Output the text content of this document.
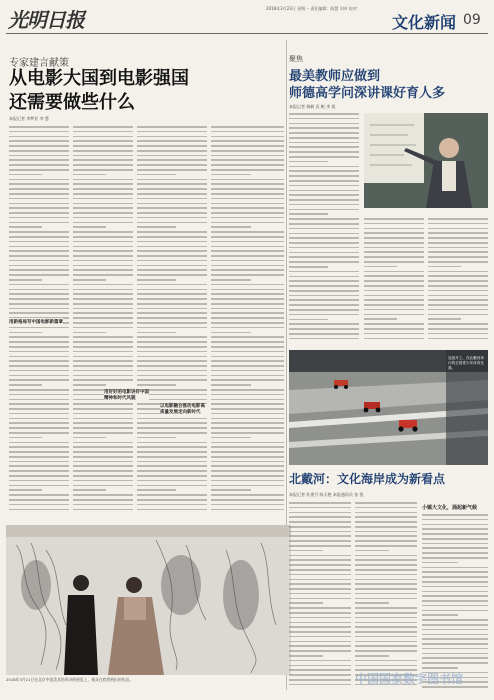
光明日报	2018年3月23日 星期一 责任编辑：陈慧 刘卓 校对：
文化新闻 09
专家建言献策
从电影大国到电影强国
还需要做些什么
本报记者 李梦亚 李 慧
用新格局写中国电影新篇章
用好好的电影讲好中国精神和时代风貌
以电影融合推动电影高质量发展走向新时代
2018年3月21日在北京中国美术馆举办的展览上，观众在欣赏展出的作品。
聚焦
最美教师应做到
师德高学问深讲课好育人多
本报记者 杨帆 袁 帆 李 晟
连续开工，在北戴河举行的全国青少年体育比赛。
北戴河：文化海岸成为新看点
本报记者 杜建月 陈天艳 本报通讯员 张 悦
小镇大文化，涌起新气候
中国国家数字图书馆
